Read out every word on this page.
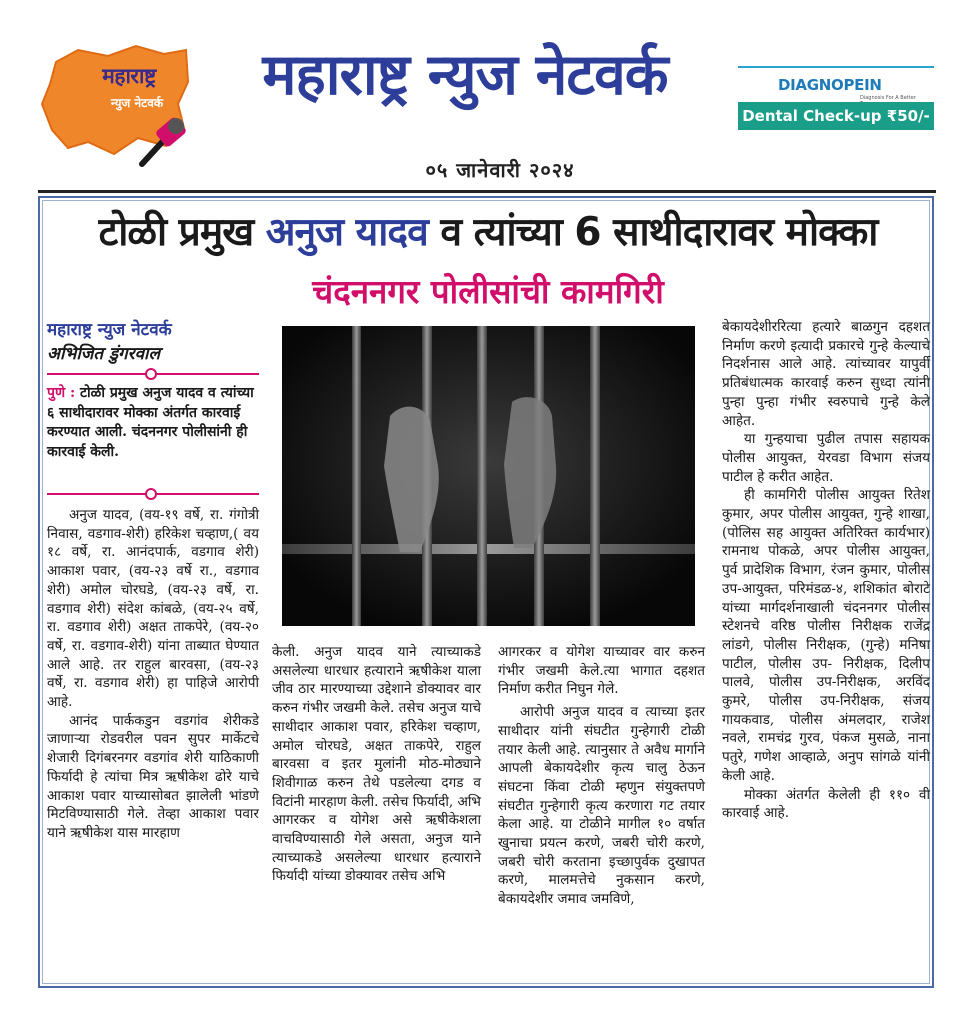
महाराष्ट्र
न्युज नेटवर्क	महाराष्ट्र न्युज नेटवर्क	DIAGNOPEIN
Diagnosis For A Better
Dental Check-up ₹50/-
०५ जानेवारी २०२४
टोळी प्रमुख अनुज यादव व त्यांच्या 6 साथीदारावर मोक्का
चंदननगर पोलीसांची कामगिरी
महाराष्ट्र न्युज नेटवर्क
अभिजित डुंगरवाल
पुणे : टोळी प्रमुख अनुज यादव व त्यांच्या ६ साथीदारावर मोक्का अंतर्गत कारवाई करण्यात आली. चंदननगर पोलीसांनी ही कारवाई केली.

अनुज यादव, (वय-१९ वर्षे, रा. गंगोत्री निवास, वडगाव-शेरी) हरिकेश चव्हाण,( वय १८ वर्षे, रा. आनंदपार्क, वडगाव शेरी) आकाश पवार, (वय-२३ वर्षे रा., वडगाव शेरी) अमोल चोरघडे, (वय-२३ वर्षे, रा. वडगाव शेरी) संदेश कांबळे, (वय-२५ वर्षे, रा. वडगाव शेरी) अक्षत ताकपेरे, (वय-२० वर्षे, रा. वडगाव-शेरी) यांना ताब्यात घेण्यात आले आहे. तर राहुल बारवसा, (वय-२३ वर्षे, रा. वडगाव शेरी) हा पाहिजे आरोपी आहे.

आनंद पार्ककडुन वडगांव शेरीकडे जाणाऱ्या रोडवरील पवन सुपर मार्केटचे शेजारी दिगंबरनगर वडगांव शेरी याठिकाणी फिर्यादी हे त्यांचा मित्र ऋषीकेश ढोरे याचे आकाश पवार याच्यासोबत झालेली भांडणे मिटविण्यासाठी गेले. तेव्हा आकाश पवार याने ऋषीकेश यास मारहाण

केली. अनुज यादव याने त्याच्याकडे असलेल्या धारधार हत्याराने ऋषीकेश याला जीव ठार मारण्याच्या उद्देशाने डोक्यावर वार करुन गंभीर जखमी केले. तसेच अनुज याचे साथीदार आकाश पवार, हरिकेश चव्हाण, अमोल चोरघडे, अक्षत ताकपेरे, राहुल बारवसा व इतर मुलांनी मोठ-मोठ्याने शिवीगाळ करुन तेथे पडलेल्या दगड व विटांनी मारहाण केली. तसेच फिर्यादी, अभि आगरकर व योगेश असे ऋषीकेशला वाचविण्यासाठी गेले असता, अनुज याने त्याच्याकडे असलेल्या धारधार हत्याराने फिर्यादी यांच्या डोक्यावर तसेच अभि

आगरकर व योगेश याच्यावर वार करुन गंभीर जखमी केले.त्या भागात दहशत निर्माण करीत निघुन गेले.

आरोपी अनुज यादव व त्याच्या इतर साथीदार यांनी संघटीत गुन्हेगारी टोळी तयार केली आहे. त्यानुसार ते अवैध मार्गाने आपली बेकायदेशीर कृत्य चालु ठेऊन संघटना किंवा टोळी म्हणुन संयुक्तपणे संघटीत गुन्हेगारी कृत्य करणारा गट तयार केला आहे. या टोळीने मागील १० वर्षात खुनाचा प्रयत्न करणे, जबरी चोरी करणे, जबरी चोरी करताना इच्छापुर्वक दुखापत करणे, मालमत्तेचे नुकसान करणे, बेकायदेशीर जमाव जमविणे,

बेकायदेशीररित्या हत्यारे बाळगुन दहशत निर्माण करणे इत्यादी प्रकारचे गुन्हे केल्याचे निदर्शनास आले आहे. त्यांच्यावर यापुर्वी प्रतिबंधात्मक कारवाई करुन सुध्दा त्यांनी पुन्हा पुन्हा गंभीर स्वरुपाचे गुन्हे केले आहेत.

या गुन्हयाचा पुढील तपास सहायक पोलीस आयुक्त, येरवडा विभाग संजय पाटील हे करीत आहेत.

ही कामगिरी पोलीस आयुक्त रितेश कुमार, अपर पोलीस आयुक्त, गुन्हे शाखा, (पोलिस सह आयुक्त अतिरिक्त कार्यभार) रामनाथ पोकळे, अपर पोलीस आयुक्त, पुर्व प्रादेशिक विभाग, रंजन कुमार, पोलीस उप-आयुक्त, परिमंडळ-४, शशिकांत बोराटे यांच्या मार्गदर्शनाखाली चंदननगर पोलीस स्टेशनचे वरिष्ठ पोलीस निरीक्षक राजेंद्र लांडगे, पोलीस निरीक्षक, (गुन्हे) मनिषा पाटील, पोलीस उप- निरीक्षक, दिलीप पालवे, पोलीस उप-निरीक्षक, अरविंद कुमरे, पोलीस उप-निरीक्षक, संजय गायकवाड, पोलीस अंमलदार, राजेश नवले, रामचंद्र गुरव, पंकज मुसळे, नाना पतुरे, गणेश आव्हाळे, अनुप सांगळे यांनी केली आहे.

मोक्का अंतर्गत केलेली ही ११० वी कारवाई आहे.
